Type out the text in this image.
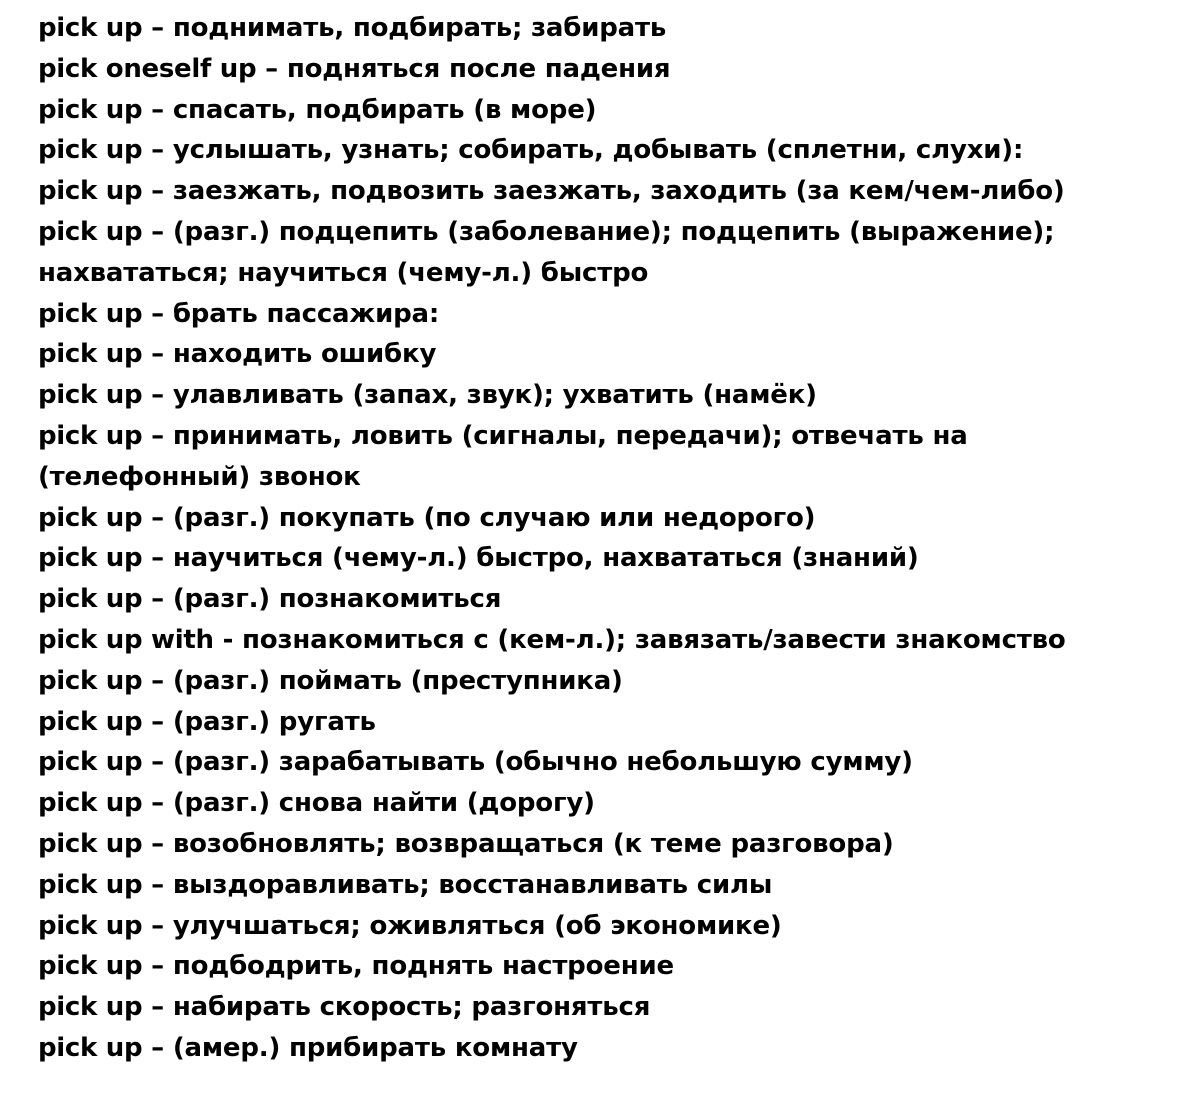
pick up – поднимать, подбирать; забирать
pick oneself up – подняться после падения
pick up – спасать, подбирать (в море)
pick up – услышать, узнать; собирать, добывать (сплетни, слухи):
pick up – заезжать, подвозить заезжать, заходить (за кем/чем-либо)
pick up – (разг.) подцепить (заболевание); подцепить (выражение);
нахвататься; научиться (чему-л.) быстро
pick up – брать пассажира:
pick up – находить ошибку
pick up – улавливать (запах, звук); ухватить (намёк)
pick up – принимать, ловить (сигналы, передачи); отвечать на
(телефонный) звонок
pick up – (разг.) покупать (по случаю или недорого)
pick up – научиться (чему-л.) быстро, нахвататься (знаний)
pick up – (разг.) познакомиться
pick up with - познакомиться с (кем-л.); завязать/завести знакомство
pick up – (разг.) поймать (преступника)
pick up – (разг.) ругать
pick up – (разг.) зарабатывать (обычно небольшую сумму)
pick up – (разг.) снова найти (дорогу)
pick up – возобновлять; возвращаться (к теме разговора)
pick up – выздоравливать; восстанавливать силы
pick up – улучшаться; оживляться (об экономике)
pick up – подбодрить, поднять настроение
pick up – набирать скорость; разгоняться
pick up – (амер.) прибирать комнату
